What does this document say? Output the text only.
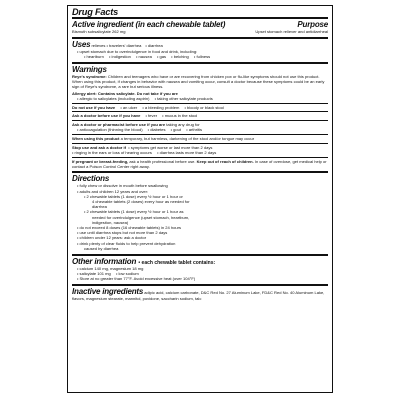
Drug Facts
Active ingredient (in each chewable tablet)	Purpose
Bismuth subsalicylate 262 mg	Upset stomach reliever and antidiarrheal
Uses relieves • travelers' diarrhea • diarrhea
• upset stomach due to overindulgence in food and drink, including:
• heartburn • indigestion • nausea • gas • belching • fullness
Warnings
Reye's syndrome: Children and teenagers who have or are recovering from chicken pox or flu-like symptoms should not use this product. When using this product, if changes in behavior with nausea and vomiting occur, consult a doctor because these symptoms could be an early sign of Reye's syndrome, a rare but serious illness.
Allergy alert: Contains salicylate. Do not take if you are
• allergic to salicylates (including aspirin) • taking other salicylate products
Do not use if you have • an ulcer • a bleeding problem • bloody or black stool
Ask a doctor before use if you have • fever • mucus in the stool
Ask a doctor or pharmacist before use if you are taking any drug for
• anticoagulation (thinning the blood) • diabetes • gout • arthritis
When using this product a temporary, but harmless, darkening of the stool and/or tongue may occur
Stop use and ask a doctor if • symptoms get worse or last more than 2 days
• ringing in the ears or loss of hearing occurs • diarrhea lasts more than 2 days
If pregnant or breast-feeding, ask a health professional before use. Keep out of reach of children. In case of overdose, get medical help or contact a Poison Control Center right away.
Directions
• fully chew or dissolve in mouth before swallowing
• adults and children 12 years and over:
• 2 chewable tablets (1 dose) every ½ hour or 1 hour or
4 chewable tablets (2 doses) every hour as needed for
diarrhea
• 2 chewable tablets (1 dose) every ½ hour or 1 hour as
needed for overindulgence (upset stomach, heartburn,
indigestion, nausea)
• do not exceed 8 doses (16 chewable tablets) in 24 hours
• use until diarrhea stops but not more than 2 days
• children under 12 years: ask a doctor
• drink plenty of clear fluids to help prevent dehydration
caused by diarrhea
Other information • each chewable tablet contains:
• calcium 140 mg, magnesium 18 mg
• salicylate 101 mg • low sodium
• Store at no greater than 77°F. Avoid excessive heat (over 104°F)
Inactive ingredients adipic acid, calcium carbonate, D&C Red No. 27 Aluminum Lake, FD&C Red No. 40 Aluminum Lake, flavors, magnesium stearate, mannitol, povidone, saccharin sodium, talc
